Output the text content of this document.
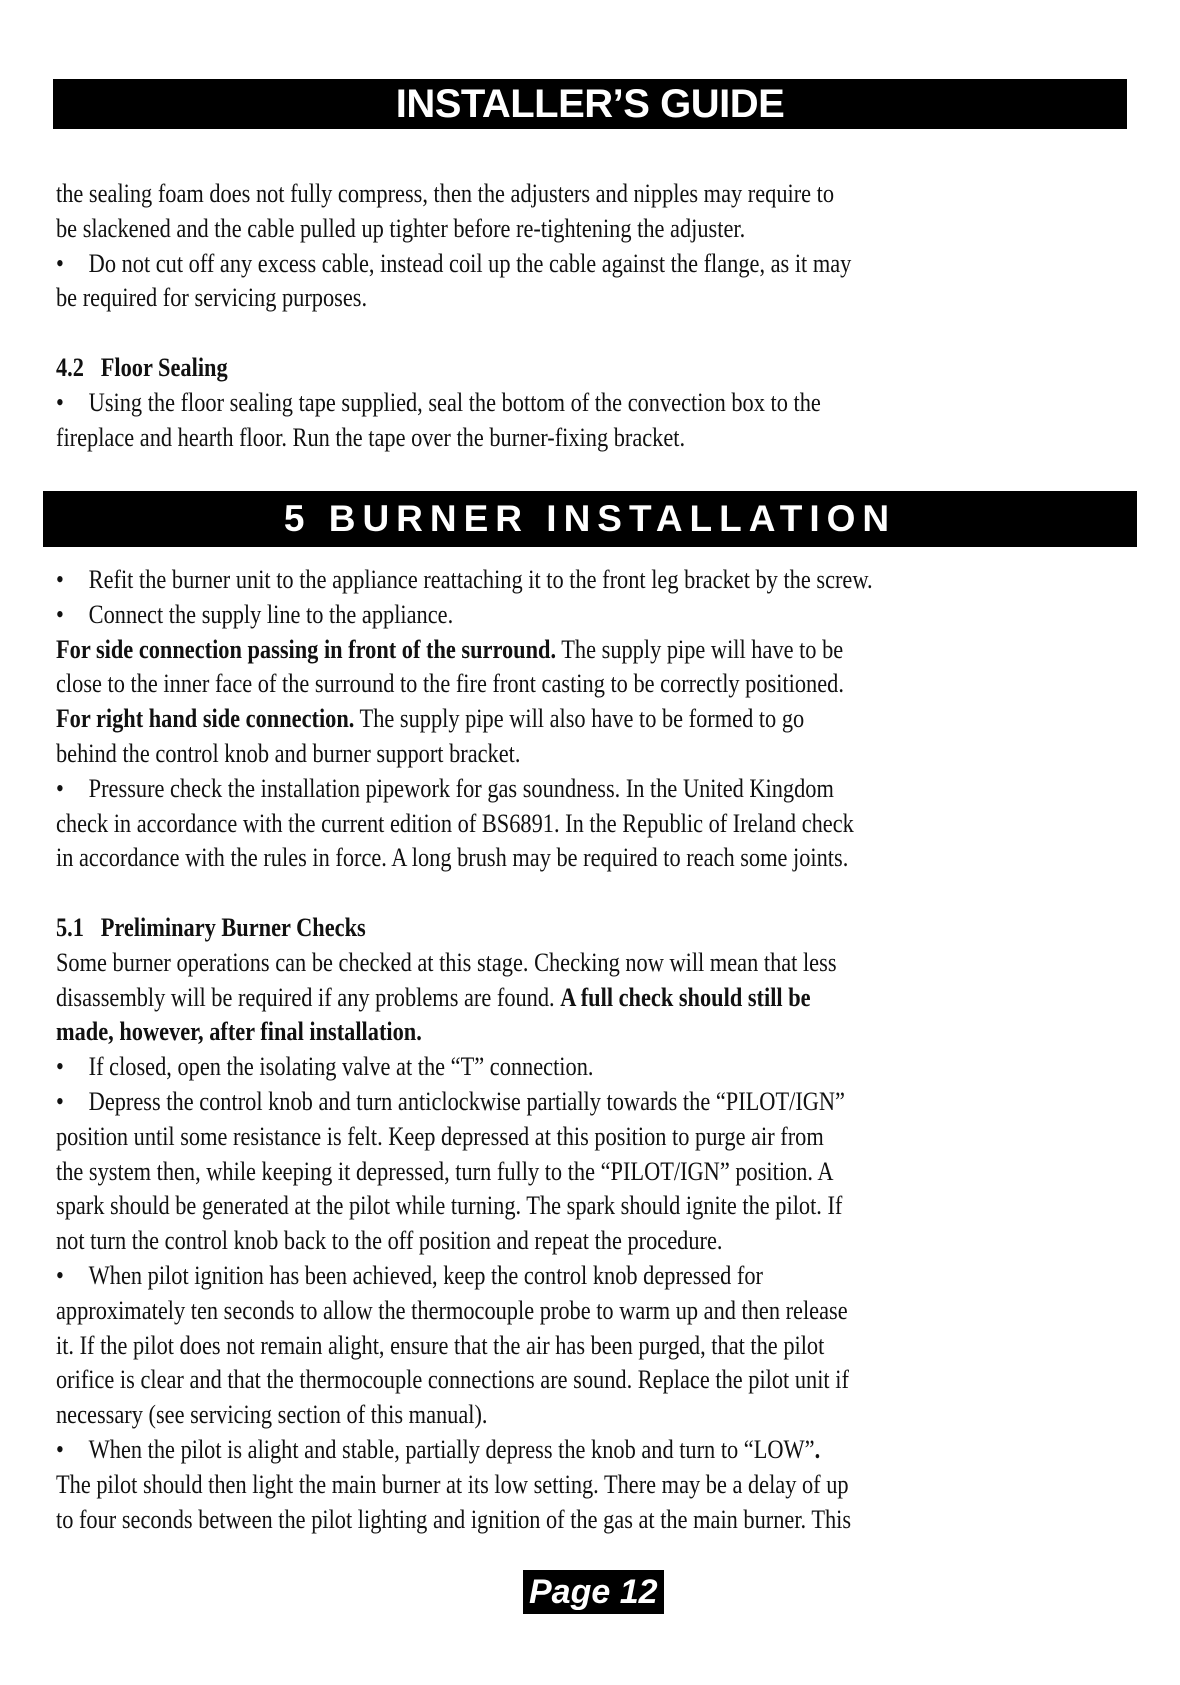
INSTALLER’S GUIDE
the sealing foam does not fully compress, then the adjusters and nipples may require to
be slackened and the cable pulled up tighter before re-tightening the adjuster.
• Do not cut off any excess cable, instead coil up the cable against the flange, as it may
be required for servicing purposes.
4.2   Floor Sealing
• Using the floor sealing tape supplied, seal the bottom of the convection box to the
fireplace and hearth floor. Run the tape over the burner-fixing bracket.
5 BURNER INSTALLATION
• Refit the burner unit to the appliance reattaching it to the front leg bracket by the screw.
• Connect the supply line to the appliance.
For side connection passing in front of the surround. The supply pipe will have to be
close to the inner face of the surround to the fire front casting to be correctly positioned.
For right hand side connection. The supply pipe will also have to be formed to go
behind the control knob and burner support bracket.
• Pressure check the installation pipework for gas soundness. In the United Kingdom
check in accordance with the current edition of BS6891. In the Republic of Ireland check
in accordance with the rules in force. A long brush may be required to reach some joints.
5.1   Preliminary Burner Checks
Some burner operations can be checked at this stage. Checking now will mean that less
disassembly will be required if any problems are found. A full check should still be
made, however, after final installation.
• If closed, open the isolating valve at the “T” connection.
• Depress the control knob and turn anticlockwise partially towards the “PILOT/IGN”
position until some resistance is felt. Keep depressed at this position to purge air from
the system then, while keeping it depressed, turn fully to the “PILOT/IGN” position. A
spark should be generated at the pilot while turning. The spark should ignite the pilot. If
not turn the control knob back to the off position and repeat the procedure.
• When pilot ignition has been achieved, keep the control knob depressed for
approximately ten seconds to allow the thermocouple probe to warm up and then release
it. If the pilot does not remain alight, ensure that the air has been purged, that the pilot
orifice is clear and that the thermocouple connections are sound. Replace the pilot unit if
necessary (see servicing section of this manual).
• When the pilot is alight and stable, partially depress the knob and turn to “LOW”.
The pilot should then light the main burner at its low setting. There may be a delay of up
to four seconds between the pilot lighting and ignition of the gas at the main burner. This
Page 12
